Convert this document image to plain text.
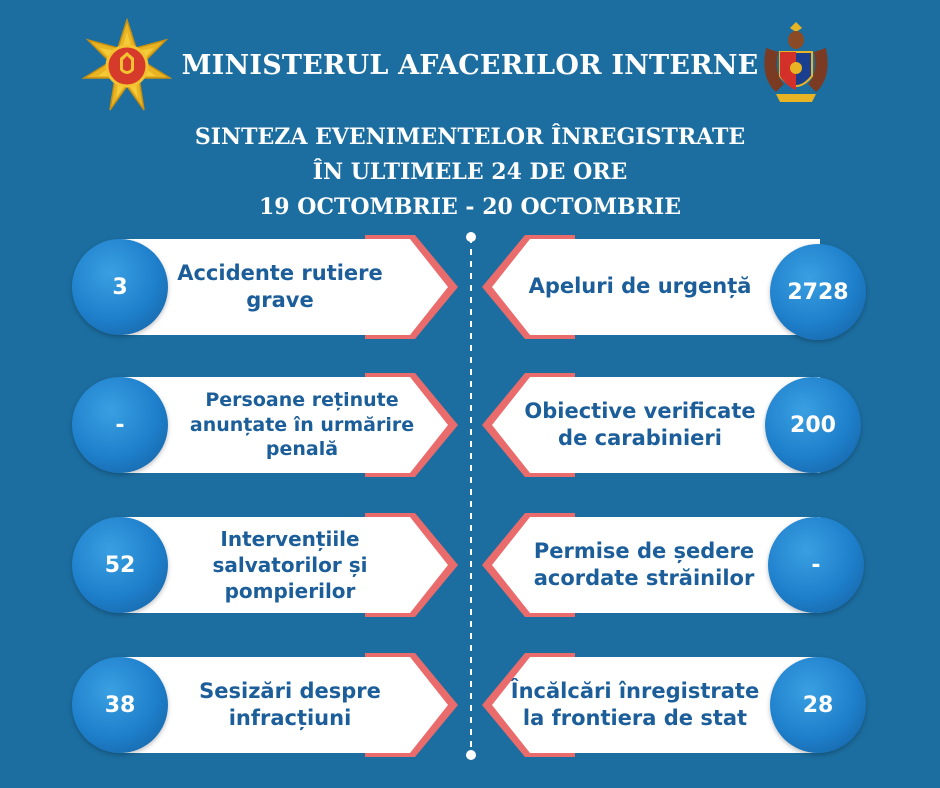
MINISTERUL AFACERILOR INTERNE
SINTEZA EVENIMENTELOR ÎNREGISTRATE
ÎN ULTIMELE 24 DE ORE
19 OCTOMBRIE - 20 OCTOMBRIE
Accidente rutiere grave
3
Persoane reținute anunțate în urmărire penală
-
Intervențiile salvatorilor și pompierilor
52
Sesizări despre infracțiuni
38
Apeluri de urgență	2728
Obiective verificate de carabinieri
200
Permise de ședere acordate străinilor
-
Încălcări înregistrate la frontiera de stat
28
